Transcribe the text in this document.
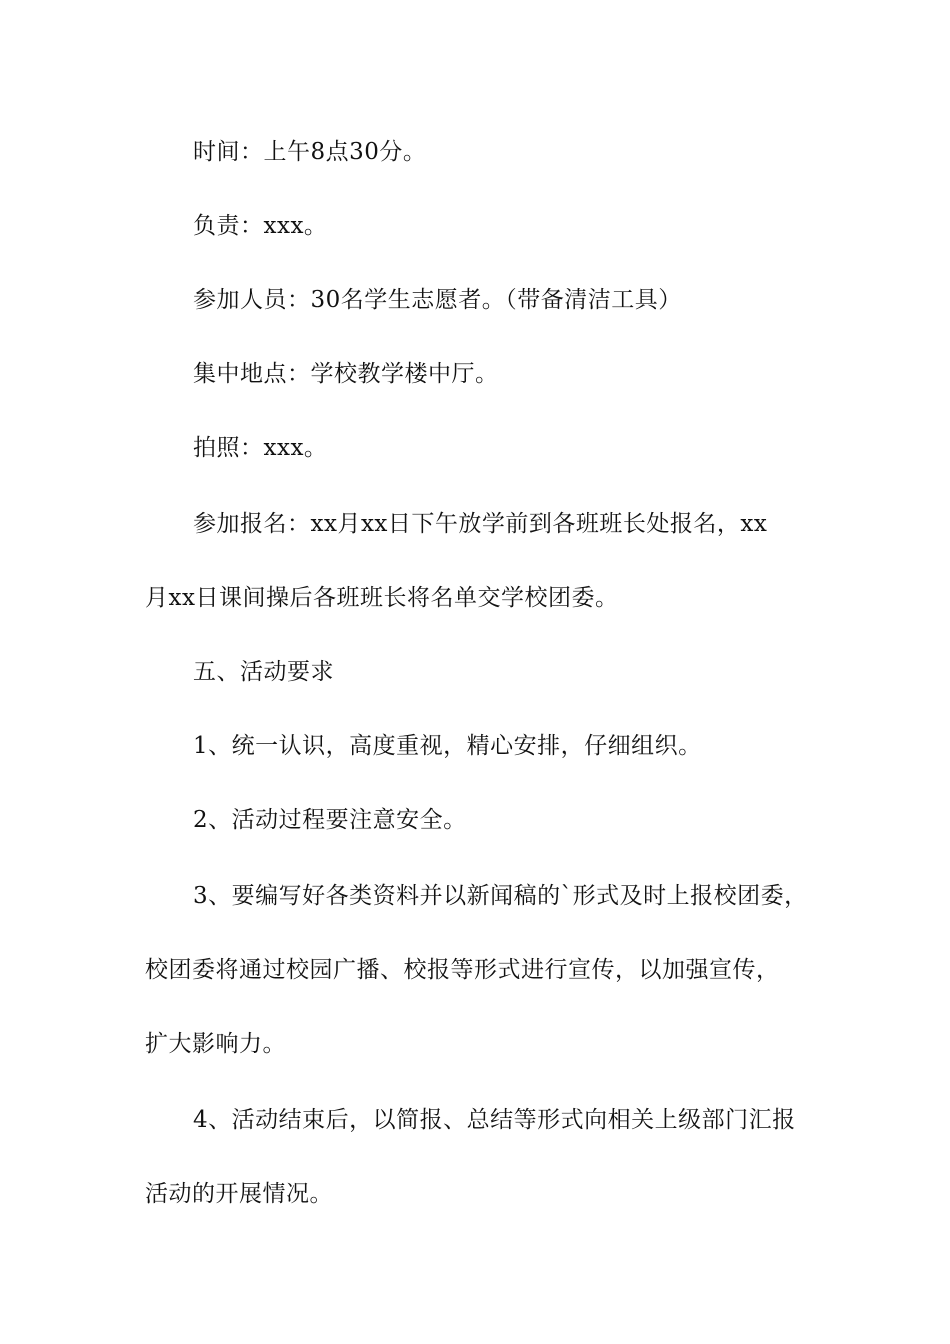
时间：上午8点30分。
负责：xxx。
参加人员：30名学生志愿者。（带备清洁工具）
集中地点：学校教学楼中厅。
拍照：xxx。
参加报名：xx月xx日下午放学前到各班班长处报名，xx
月xx日课间操后各班班长将名单交学校团委。
五、活动要求
1、统一认识，高度重视，精心安排，仔细组织。
2、活动过程要注意安全。
3、要编写好各类资料并以新闻稿的`形式及时上报校团委，
校团委将通过校园广播、校报等形式进行宣传，以加强宣传，
扩大影响力。
4、活动结束后，以简报、总结等形式向相关上级部门汇报
活动的开展情况。
